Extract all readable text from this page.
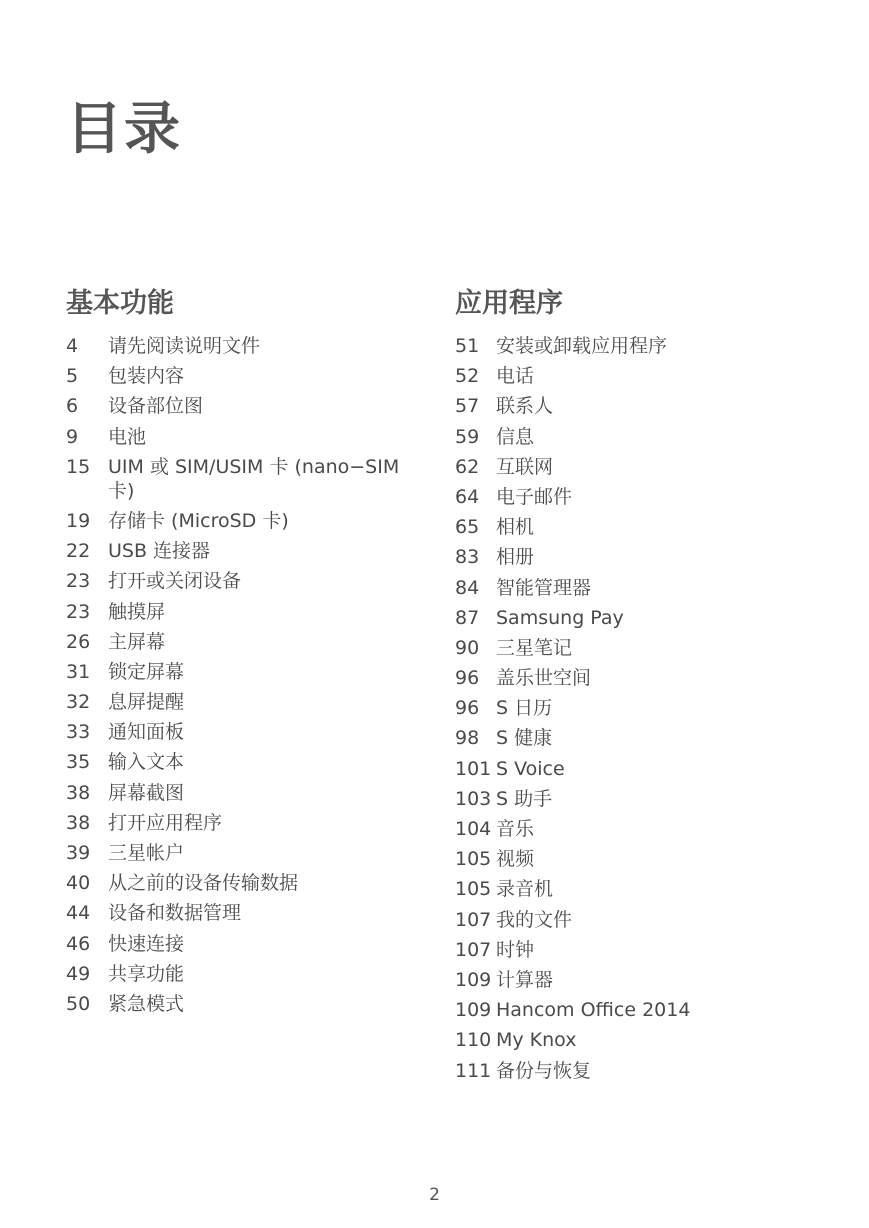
目录
基本功能
4	请先阅读说明文件
5	包装内容
6	设备部位图
9	电池
15 UIM 或 SIM/USIM 卡 (nano−SIM 卡)
19 存储卡 (MicroSD 卡)
22 USB 连接器
23 打开或关闭设备
23 触摸屏
26 主屏幕
31 锁定屏幕
32 息屏提醒
33 通知面板
35 输入文本
38 屏幕截图
38 打开应用程序
39 三星帐户
40 从之前的设备传输数据
44 设备和数据管理
46 快速连接
49 共享功能
50 紧急模式
应用程序
51 安装或卸载应用程序
52 电话
57 联系人
59 信息
62 互联网
64 电子邮件
65 相机
83 相册
84 智能管理器
87 Samsung Pay
90 三星笔记
96 盖乐世空间
96 S 日历
98 S 健康
101 S Voice
103 S 助手
104 音乐
105 视频
105 录音机
107 我的文件
107 时钟
109 计算器
109 Hancom Office 2014
110 My Knox
111 备份与恢复
2
